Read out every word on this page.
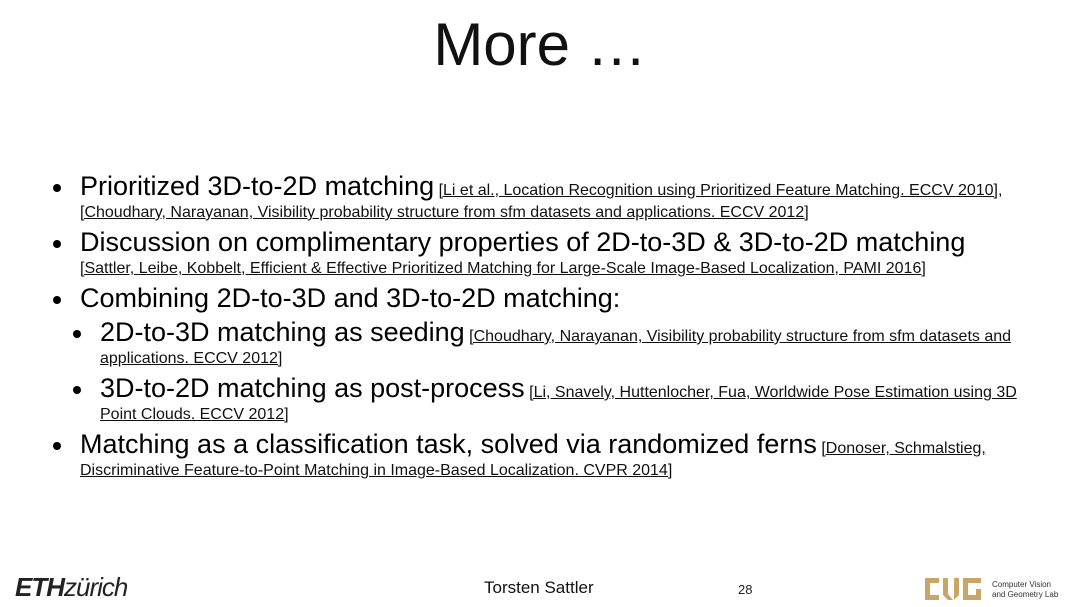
More …
Prioritized 3D-to-2D matching [Li et al., Location Recognition using Prioritized Feature Matching. ECCV 2010], [Choudhary, Narayanan, Visibility probability structure from sfm datasets and applications. ECCV 2012]
Discussion on complimentary properties of 2D-to-3D & 3D-to-2D matching
[Sattler, Leibe, Kobbelt, Efficient & Effective Prioritized Matching for Large-Scale Image-Based Localization, PAMI 2016]
Combining 2D-to-3D and 3D-to-2D matching:
2D-to-3D matching as seeding [Choudhary, Narayanan, Visibility probability structure from sfm datasets and applications. ECCV 2012]
3D-to-2D matching as post-process [Li, Snavely, Huttenlocher, Fua, Worldwide Pose Estimation using 3D Point Clouds. ECCV 2012]
Matching as a classification task, solved via randomized ferns [Donoser, Schmalstieg, Discriminative Feature-to-Point Matching in Image-Based Localization. CVPR 2014]
ETHzürich	Torsten Sattler	28	Computer Vision
and Geometry Lab
